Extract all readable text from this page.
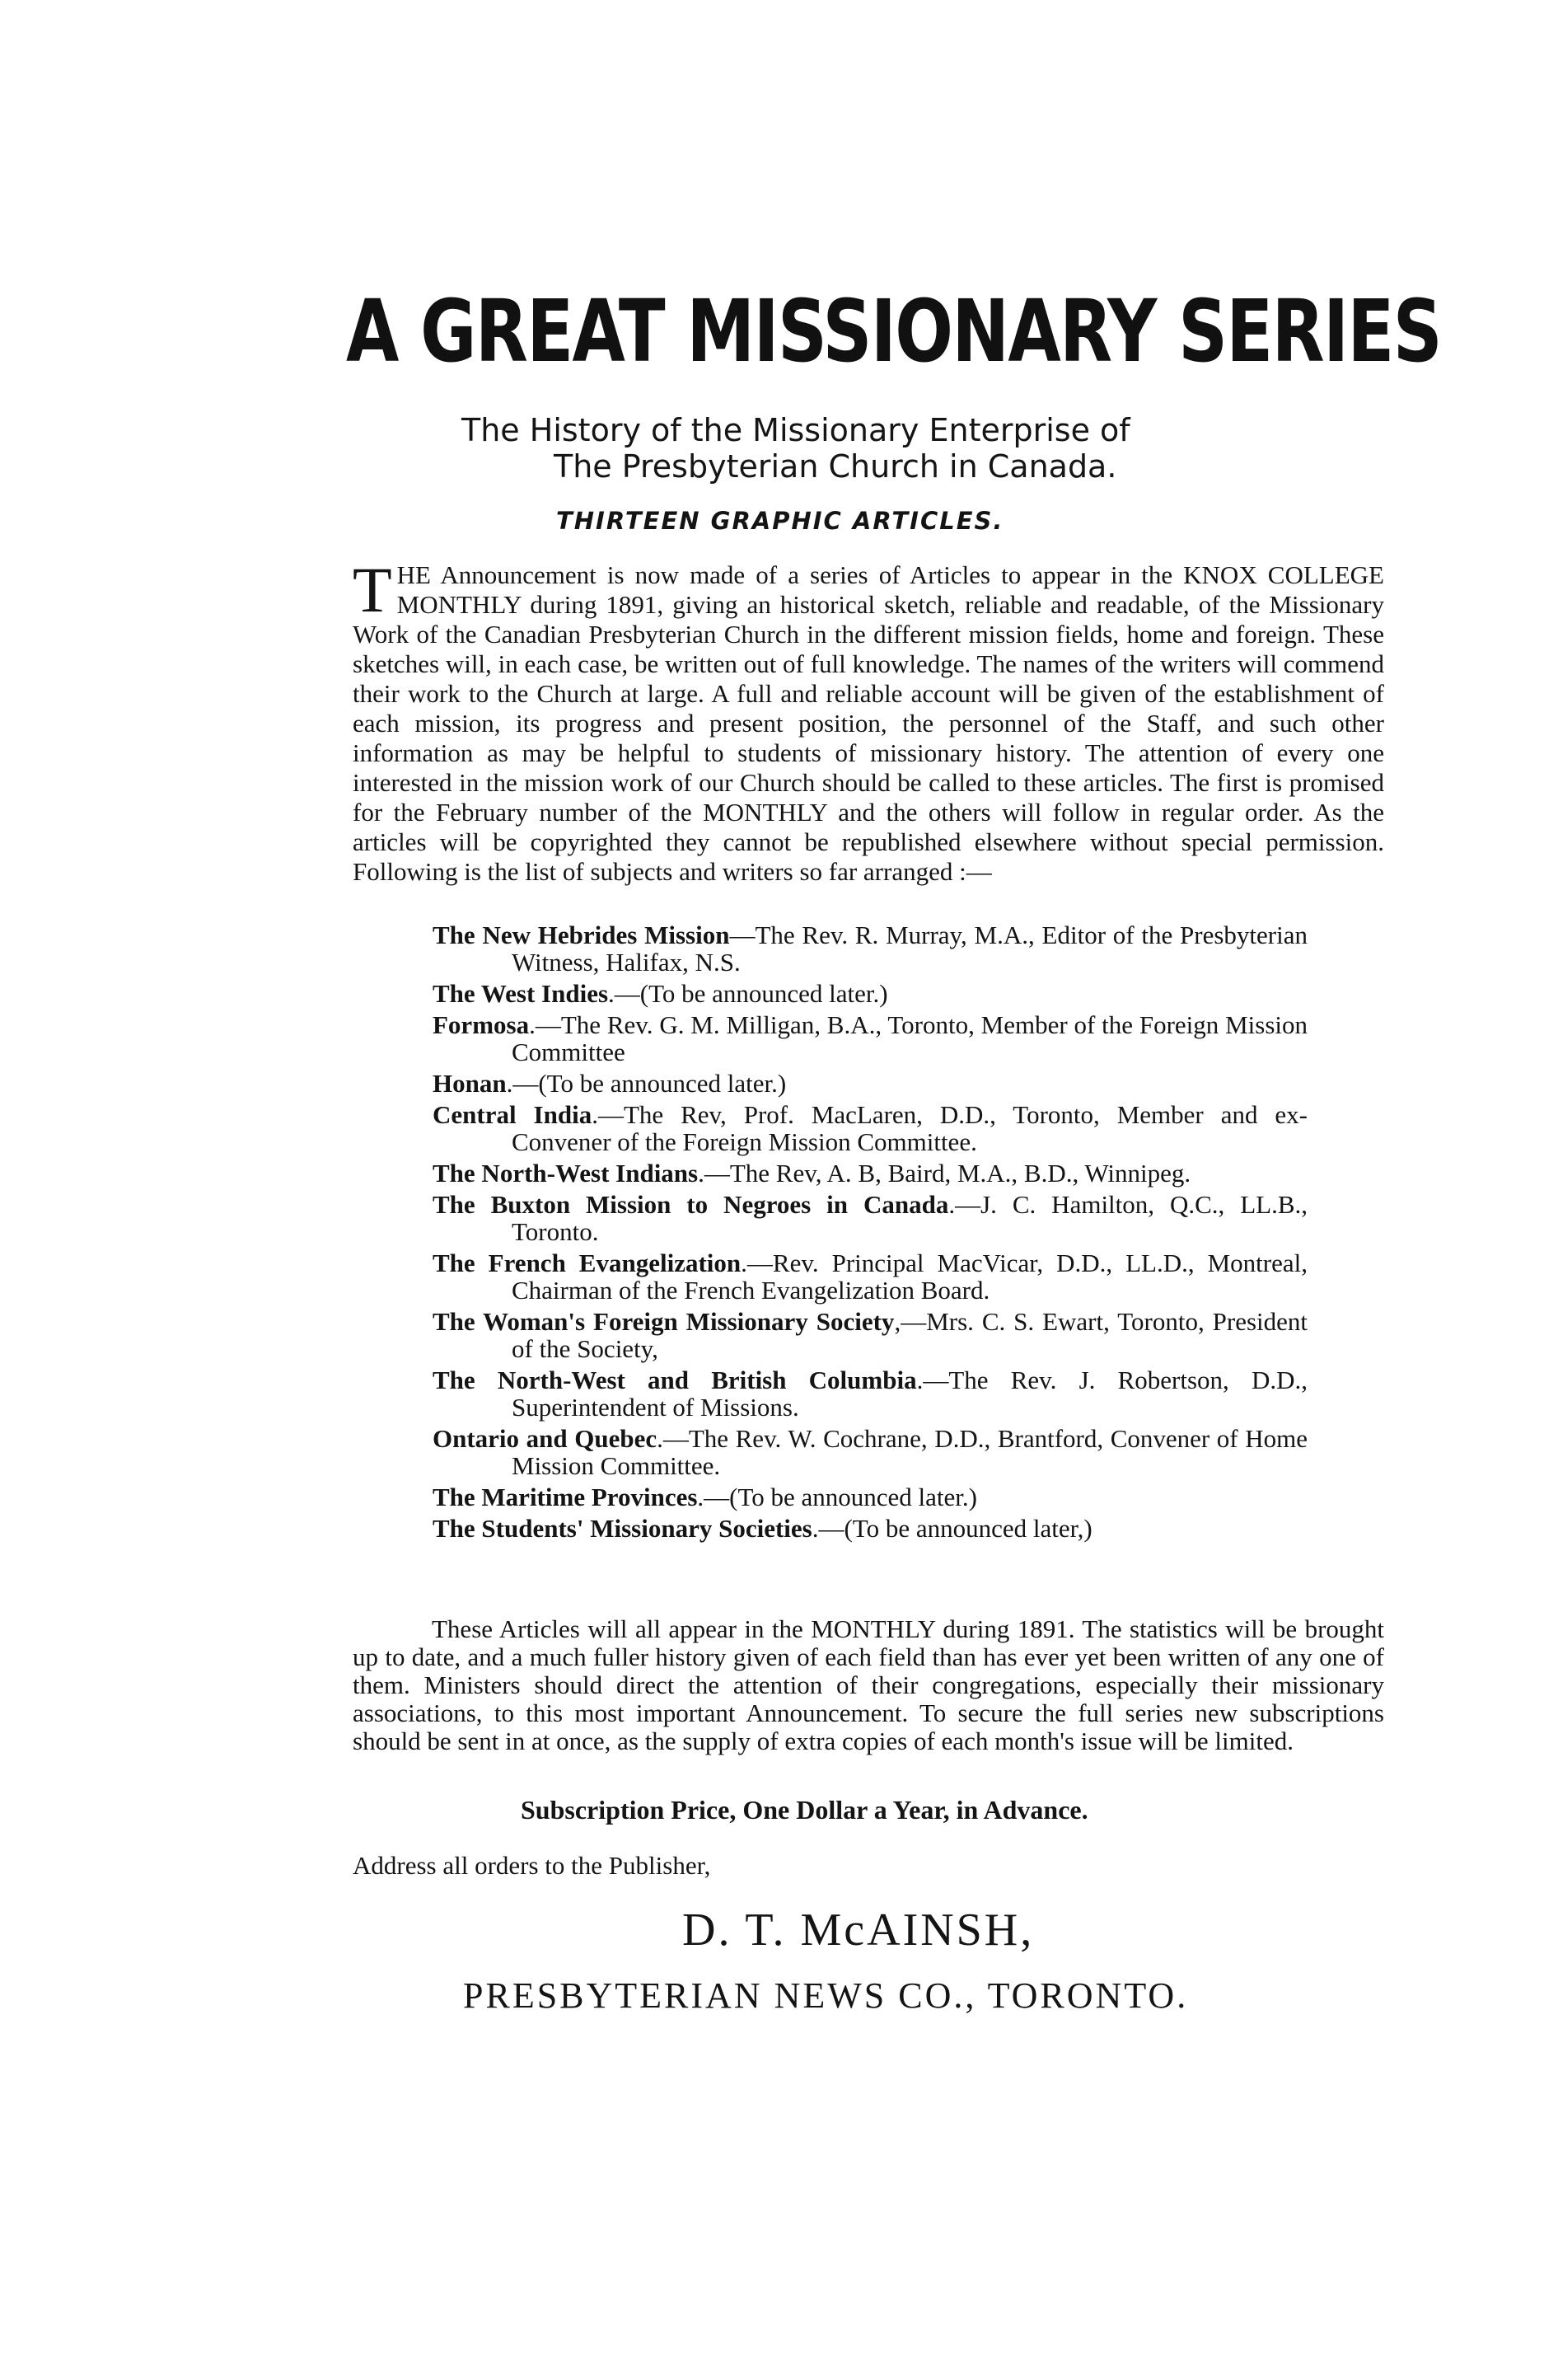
A GREAT MISSIONARY SERIES
The History of the Missionary Enterprise of
The Presbyterian Church in Canada.
THIRTEEN GRAPHIC ARTICLES.
THE Announcement is now made of a series of Articles to appear in the KNOX COLLEGE MONTHLY during 1891, giving an historical sketch, reliable and readable, of the Missionary Work of the Canadian Presbyterian Church in the different mission fields, home and foreign. These sketches will, in each case, be written out of full knowledge. The names of the writers will commend their work to the Church at large. A full and reliable account will be given of the establishment of each mission, its progress and present position, the personnel of the Staff, and such other information as may be helpful to students of missionary history. The attention of every one interested in the mission work of our Church should be called to these articles. The first is promised for the February number of the MONTHLY and the others will follow in regular order. As the articles will be copyrighted they cannot be republished elsewhere without special permission. Following is the list of subjects and writers so far arranged :—
The New Hebrides Mission—The Rev. R. Murray, M.A., Editor of the Presbyterian Witness, Halifax, N.S.
The West Indies.—(To be announced later.)
Formosa.—The Rev. G. M. Milligan, B.A., Toronto, Member of the Foreign Mission Committee
Honan.—(To be announced later.)
Central India.—The Rev, Prof. MacLaren, D.D., Toronto, Member and ex-Convener of the Foreign Mission Committee.
The North-West Indians.—The Rev, A. B, Baird, M.A., B.D., Winnipeg.
The Buxton Mission to Negroes in Canada.—J. C. Hamilton, Q.C., LL.B., Toronto.
The French Evangelization.—Rev. Principal MacVicar, D.D., LL.D., Montreal, Chairman of the French Evangelization Board.
The Woman's Foreign Missionary Society,—Mrs. C. S. Ewart, Toronto, President of the Society,
The North-West and British Columbia.—The Rev. J. Robertson, D.D., Superintendent of Missions.
Ontario and Quebec.—The Rev. W. Cochrane, D.D., Brantford, Convener of Home Mission Committee.
The Maritime Provinces.—(To be announced later.)
The Students' Missionary Societies.—(To be announced later,)
These Articles will all appear in the MONTHLY during 1891. The statistics will be brought up to date, and a much fuller history given of each field than has ever yet been written of any one of them. Ministers should direct the attention of their congregations, especially their missionary associations, to this most important Announcement. To secure the full series new subscriptions should be sent in at once, as the supply of extra copies of each month's issue will be limited.
Subscription Price, One Dollar a Year, in Advance.
Address all orders to the Publisher,
D. T. McAINSH,
PRESBYTERIAN NEWS CO., TORONTO.
